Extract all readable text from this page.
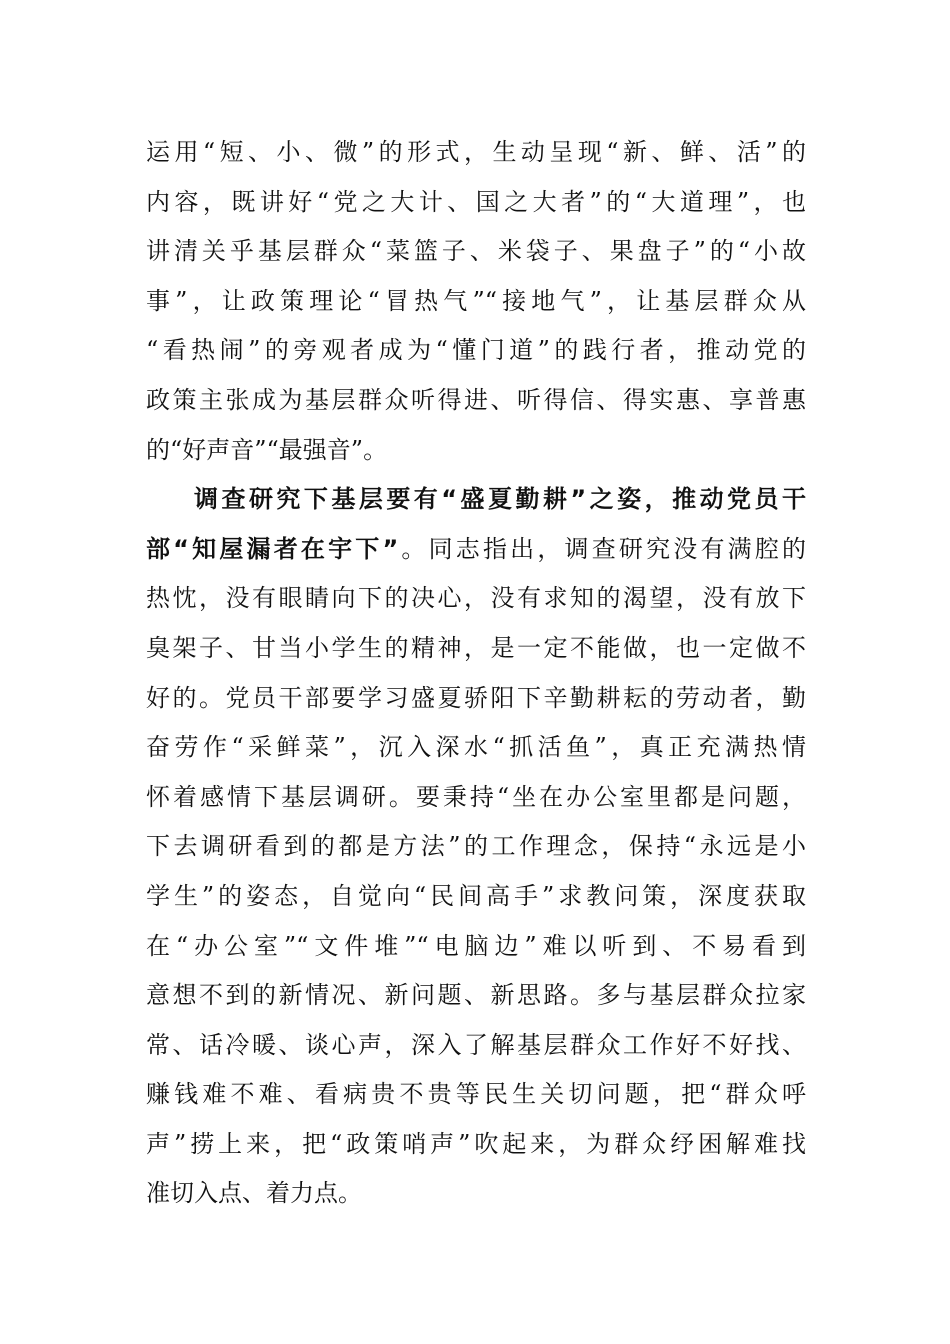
运用“短、小、微”的形式，生动呈现“新、鲜、活”的
内容，既讲好“党之大计、国之大者”的“大道理”，也
讲清关乎基层群众“菜篮子、米袋子、果盘子”的“小故
事”，让政策理论“冒热气”“接地气”，让基层群众从
“看热闹”的旁观者成为“懂门道”的践行者，推动党的
政策主张成为基层群众听得进、听得信、得实惠、享普惠
的“好声音”“最强音”。
调查研究下基层要有“盛夏勤耕”之姿，推动党员干
部“知屋漏者在宇下”。同志指出，调查研究没有满腔的
热忱，没有眼睛向下的决心，没有求知的渴望，没有放下
臭架子、甘当小学生的精神，是一定不能做，也一定做不
好的。党员干部要学习盛夏骄阳下辛勤耕耘的劳动者，勤
奋劳作“采鲜菜”，沉入深水“抓活鱼”，真正充满热情
怀着感情下基层调研。要秉持“坐在办公室里都是问题，
下去调研看到的都是方法”的工作理念，保持“永远是小
学生”的姿态，自觉向“民间高手”求教问策，深度获取
在“办公室”“文件堆”“电脑边”难以听到、不易看到
意想不到的新情况、新问题、新思路。多与基层群众拉家
常、话冷暖、谈心声，深入了解基层群众工作好不好找、
赚钱难不难、看病贵不贵等民生关切问题，把“群众呼
声”捞上来，把“政策哨声”吹起来，为群众纾困解难找
准切入点、着力点。
